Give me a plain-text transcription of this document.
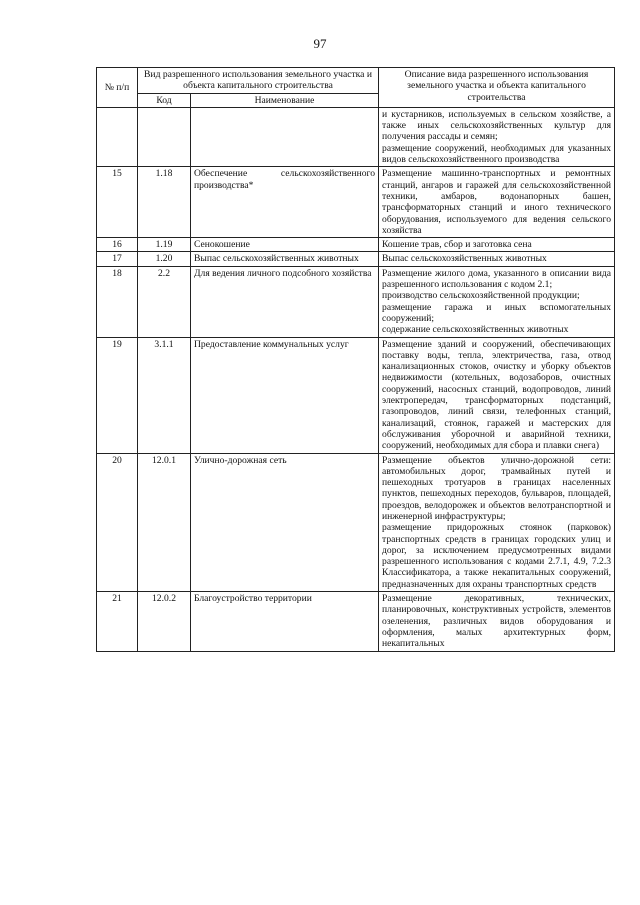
97
№ п/п	Вид разрешенного использования земельного участка и объекта капитального строительства		Описание вида разрешенного использования земельного участка и объекта капитального строительства
	Код	Наименование	

			и кустарников, используемых в сельском хозяйстве, а также иных сельскохозяйственных культур для получения рассады и семян;
размещение сооружений, необходимых для указанных видов сельскохозяйственного производства

15	1.18	Обеспечение сельскохозяйственного производства*	Размещение машинно-транспортных и ремонтных станций, ангаров и гаражей для сельскохозяйственной техники, амбаров, водонапорных башен, трансформаторных станций и иного технического оборудования, используемого для ведения сельского хозяйства

16	1.19	Сенокошение	Кошение трав, сбор и заготовка сена

17	1.20	Выпас сельскохозяйственных животных	Выпас сельскохозяйственных животных

18	2.2	Для ведения личного подсобного хозяйства	Размещение жилого дома, указанного в описании вида разрешенного использования с кодом 2.1;
производство сельскохозяйственной продукции;
размещение гаража и иных вспомогательных сооружений;
содержание сельскохозяйственных животных

19	3.1.1	Предоставление коммунальных услуг	Размещение зданий и сооружений, обеспечивающих поставку воды, тепла, электричества, газа, отвод канализационных стоков, очистку и уборку объектов недвижимости (котельных, водозаборов, очистных сооружений, насосных станций, водопроводов, линий электропередач, трансформаторных подстанций, газопроводов, линий связи, телефонных станций, канализаций, стоянок, гаражей и мастерских для обслуживания уборочной и аварийной техники, сооружений, необходимых для сбора и плавки снега)

20	12.0.1	Улично-дорожная сеть	Размещение объектов улично-дорожной сети: автомобильных дорог, трамвайных путей и пешеходных тротуаров в границах населенных пунктов, пешеходных переходов, бульваров, площадей, проездов, велодорожек и объектов велотранспортной и инженерной инфраструктуры;
размещение придорожных стоянок (парковок) транспортных средств в границах городских улиц и дорог, за исключением предусмотренных видами разрешенного использования с кодами 2.7.1, 4.9, 7.2.3 Классификатора, а также некапитальных сооружений, предназначенных для охраны транспортных средств

21	12.0.2	Благоустройство территории	Размещение декоративных, технических, планировочных, конструктивных устройств, элементов озеленения, различных видов оборудования и оформления, малых архитектурных форм, некапитальных
